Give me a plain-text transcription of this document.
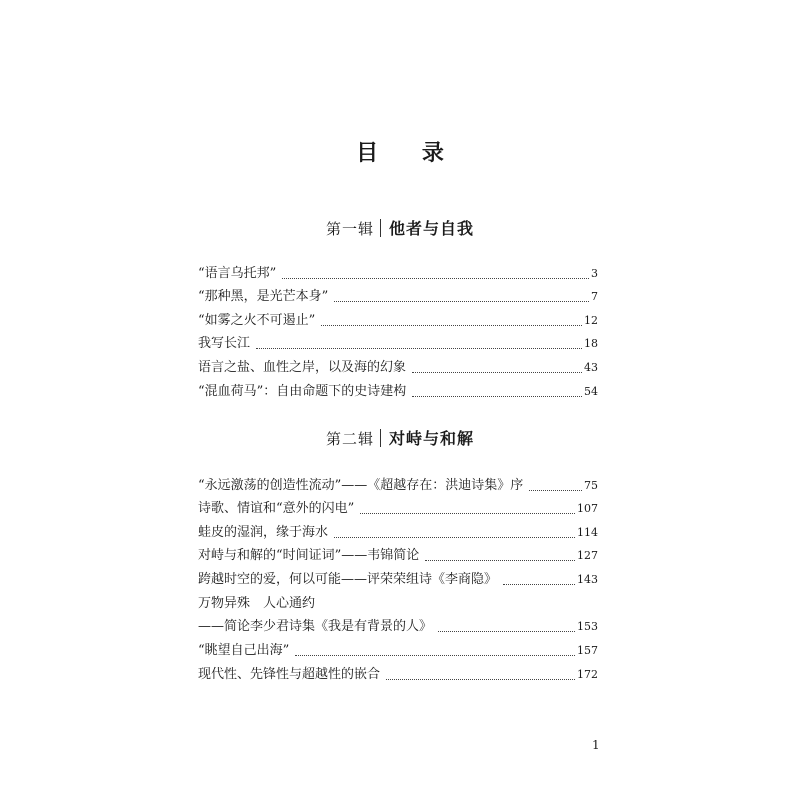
目 录
第一辑 他者与自我
“语言乌托邦”	3
“那种黑，是光芒本身”	7
“如雾之火不可遏止”	12
我写长江	18
语言之盐、血性之岸，以及海的幻象	43
“混血荷马”：自由命题下的史诗建构	54
第二辑 对峙与和解
“永远激荡的创造性流动”——《超越存在：洪迪诗集》序	75
诗歌、情谊和“意外的闪电”	107
蛙皮的湿润，缘于海水	114
对峙与和解的“时间证词”——韦锦简论	127
跨越时空的爱，何以可能——评荣荣组诗《李商隐》	143
万物异殊　人心通约
——简论李少君诗集《我是有背景的人》	153
“眺望自己出海”	157
现代性、先锋性与超越性的嵌合	172
1
